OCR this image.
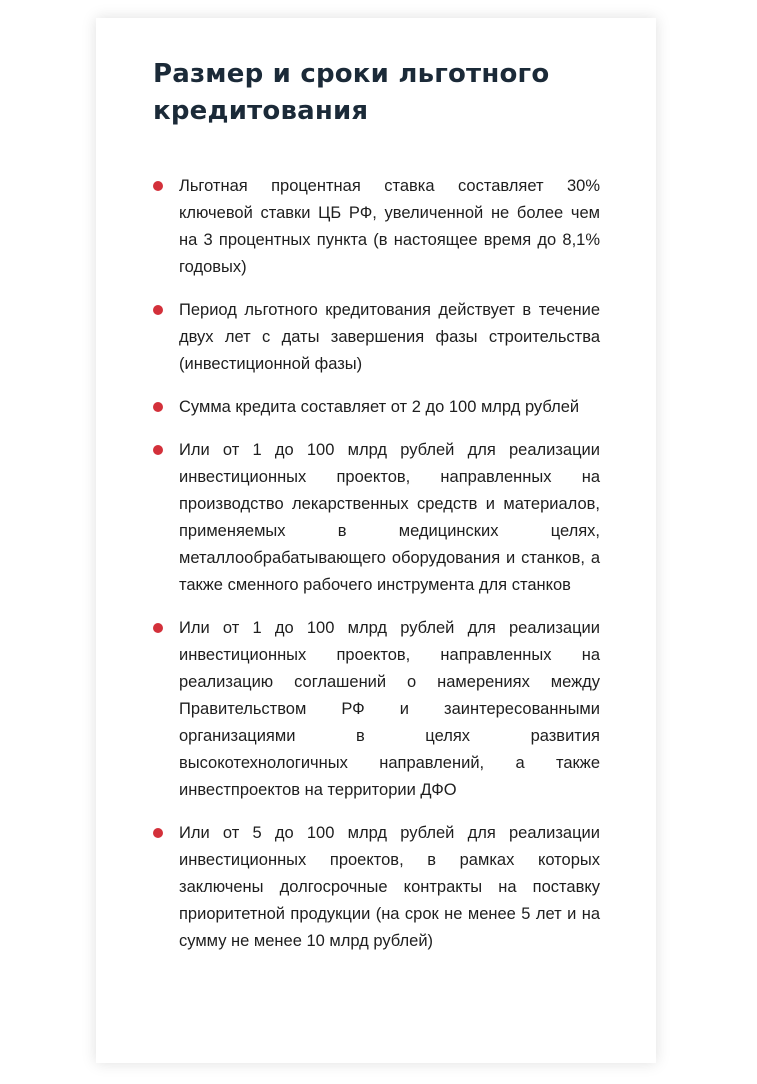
Размер и сроки льготного кредитования
Льготная процентная ставка составляет 30% ключевой ставки ЦБ РФ, увеличенной не более чем на 3 процентных пункта (в настоящее время до 8,1% годовых)
Период льготного кредитования действует в течение двух лет с даты завершения фазы строительства (инвестиционной фазы)
Сумма кредита составляет от 2 до 100 млрд рублей
Или от 1 до 100 млрд рублей для реализации инвестиционных проектов, направленных на производство лекарственных средств и материалов, применяемых в медицинских целях, металлообрабатывающего оборудования и станков, а также сменного рабочего инструмента для станков
Или от 1 до 100 млрд рублей для реализации инвестиционных проектов, направленных на реализацию соглашений о намерениях между Правительством РФ и заинтересованными организациями в целях развития высокотехнологичных направлений, а также инвестпроектов на территории ДФО
Или от 5 до 100 млрд рублей для реализации инвестиционных проектов, в рамках которых заключены долгосрочные контракты на поставку приоритетной продукции (на срок не менее 5 лет и на сумму не менее 10 млрд рублей)
